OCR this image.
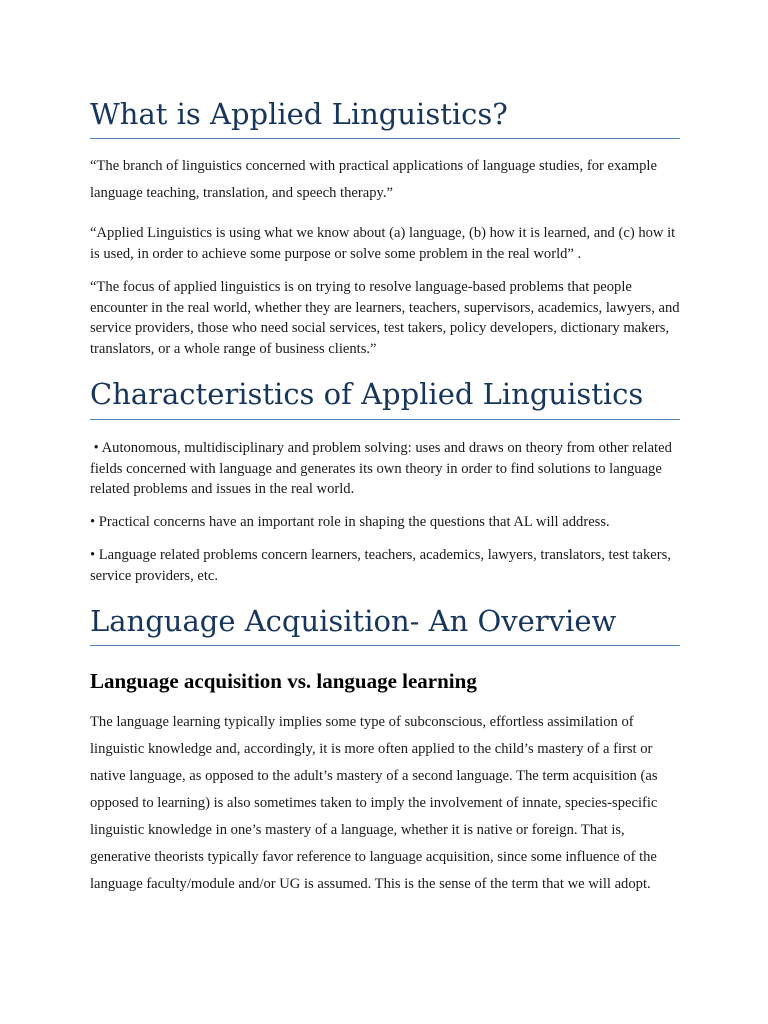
What is Applied Linguistics?

“The branch of linguistics concerned with practical applications of language studies, for example language teaching, translation, and speech therapy.”

“Applied Linguistics is using what we know about (a) language, (b) how it is learned, and (c) how it is used, in order to achieve some purpose or solve some problem in the real world” .

“The focus of applied linguistics is on trying to resolve language-based problems that people encounter in the real world, whether they are learners, teachers, supervisors, academics, lawyers, and service providers, those who need social services, test takers, policy developers, dictionary makers, translators, or a whole range of business clients.”

Characteristics of Applied Linguistics

• Autonomous, multidisciplinary and problem solving: uses and draws on theory from other related fields concerned with language and generates its own theory in order to find solutions to language related problems and issues in the real world.

• Practical concerns have an important role in shaping the questions that AL will address.

• Language related problems concern learners, teachers, academics, lawyers, translators, test takers, service providers, etc.

Language Acquisition- An Overview
Language acquisition vs. language learning

The language learning typically implies some type of subconscious, effortless assimilation of linguistic knowledge and, accordingly, it is more often applied to the child’s mastery of a first or native language, as opposed to the adult’s mastery of a second language. The term acquisition (as opposed to learning) is also sometimes taken to imply the involvement of innate, species-specific linguistic knowledge in one’s mastery of a language, whether it is native or foreign. That is, generative theorists typically favor reference to language acquisition, since some influence of the language faculty/module and/or UG is assumed. This is the sense of the term that we will adopt.
